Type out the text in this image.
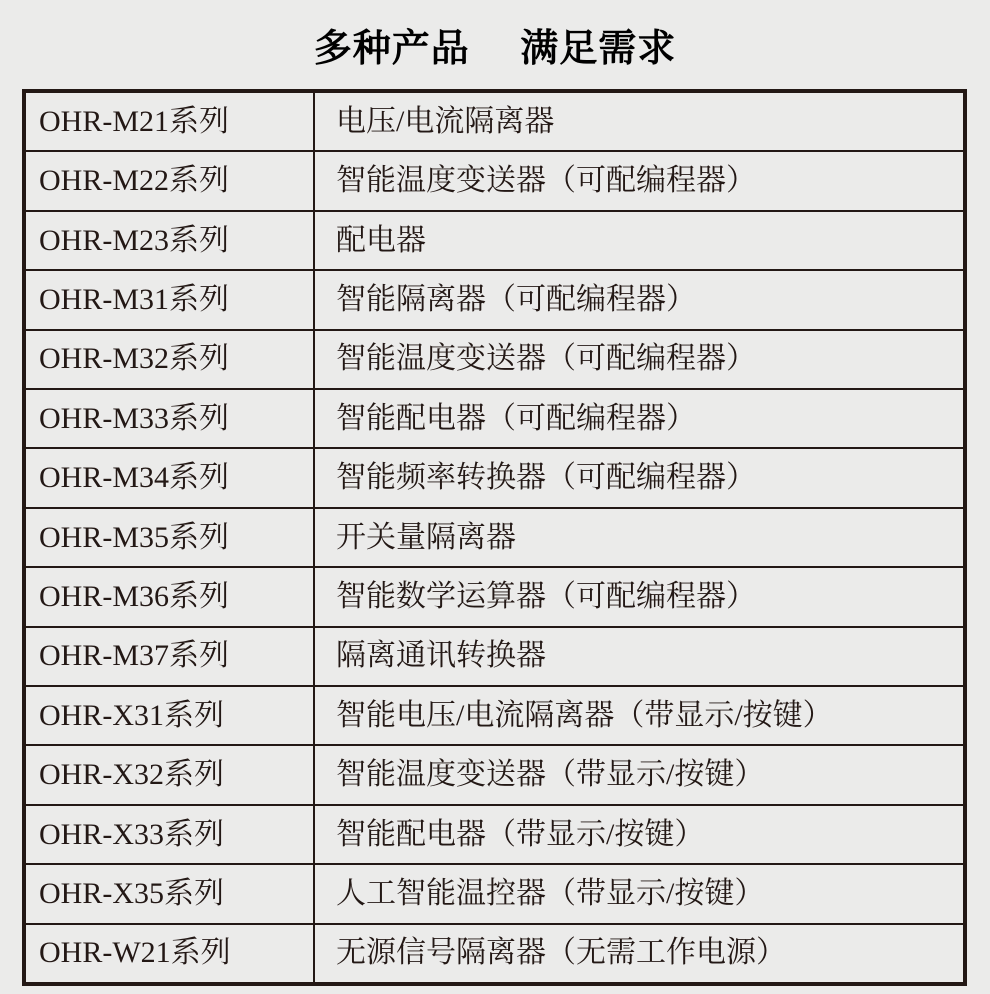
多种产品　 满足需求
OHR-M21系列	电压/电流隔离器
OHR-M22系列	智能温度变送器（可配编程器）
OHR-M23系列	配电器
OHR-M31系列	智能隔离器（可配编程器）
OHR-M32系列	智能温度变送器（可配编程器）
OHR-M33系列	智能配电器（可配编程器）
OHR-M34系列	智能频率转换器（可配编程器）
OHR-M35系列	开关量隔离器
OHR-M36系列	智能数学运算器（可配编程器）
OHR-M37系列	隔离通讯转换器
OHR-X31系列	智能电压/电流隔离器（带显示/按键）
OHR-X32系列	智能温度变送器（带显示/按键）
OHR-X33系列	智能配电器（带显示/按键）
OHR-X35系列	人工智能温控器（带显示/按键）
OHR-W21系列	无源信号隔离器（无需工作电源）
